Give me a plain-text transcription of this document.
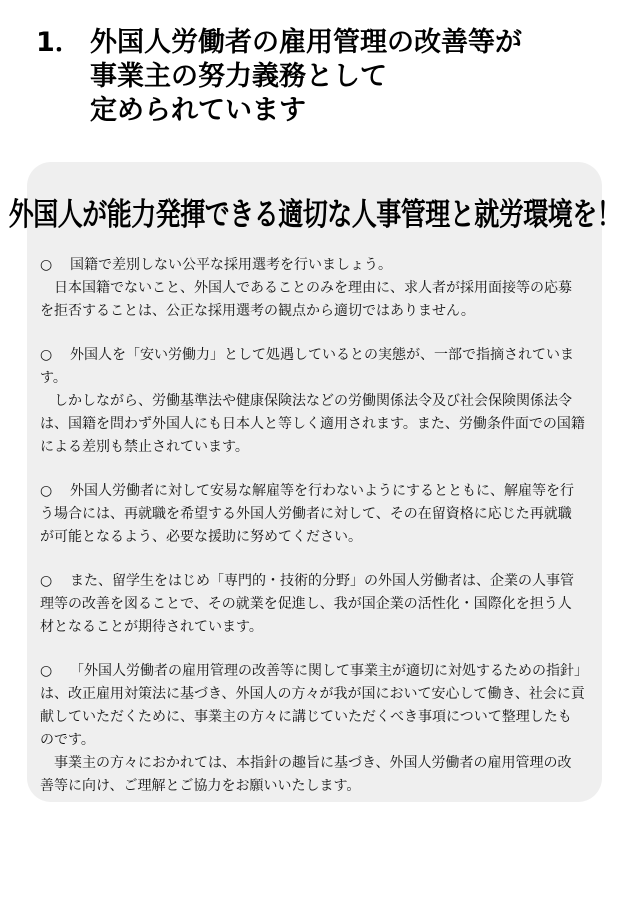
1． 外国人労働者の雇用管理の改善等が
事業主の努力義務として
定められています
外国人が能力発揮できる適切な人事管理と就労環境を！

○ 国籍で差別しない公平な採用選考を行いましょう。

日本国籍でないこと、外国人であることのみを理由に、求人者が採用面接等の応募を拒否することは、公正な採用選考の観点から適切ではありません。

○ 外国人を「安い労働力」として処遇しているとの実態が、一部で指摘されています。

しかしながら、労働基準法や健康保険法などの労働関係法令及び社会保険関係法令は、国籍を問わず外国人にも日本人と等しく適用されます。また、労働条件面での国籍による差別も禁止されています。

○ 外国人労働者に対して安易な解雇等を行わないようにするとともに、解雇等を行う場合には、再就職を希望する外国人労働者に対して、その在留資格に応じた再就職が可能となるよう、必要な援助に努めてください。

○ また、留学生をはじめ「専門的・技術的分野」の外国人労働者は、企業の人事管理等の改善を図ることで、その就業を促進し、我が国企業の活性化・国際化を担う人材となることが期待されています。

○ 「外国人労働者の雇用管理の改善等に関して事業主が適切に対処するための指針」は、改正雇用対策法に基づき、外国人の方々が我が国において安心して働き、社会に貢献していただくために、事業主の方々に講じていただくべき事項について整理したものです。

事業主の方々におかれては、本指針の趣旨に基づき、外国人労働者の雇用管理の改善等に向け、ご理解とご協力をお願いいたします。
